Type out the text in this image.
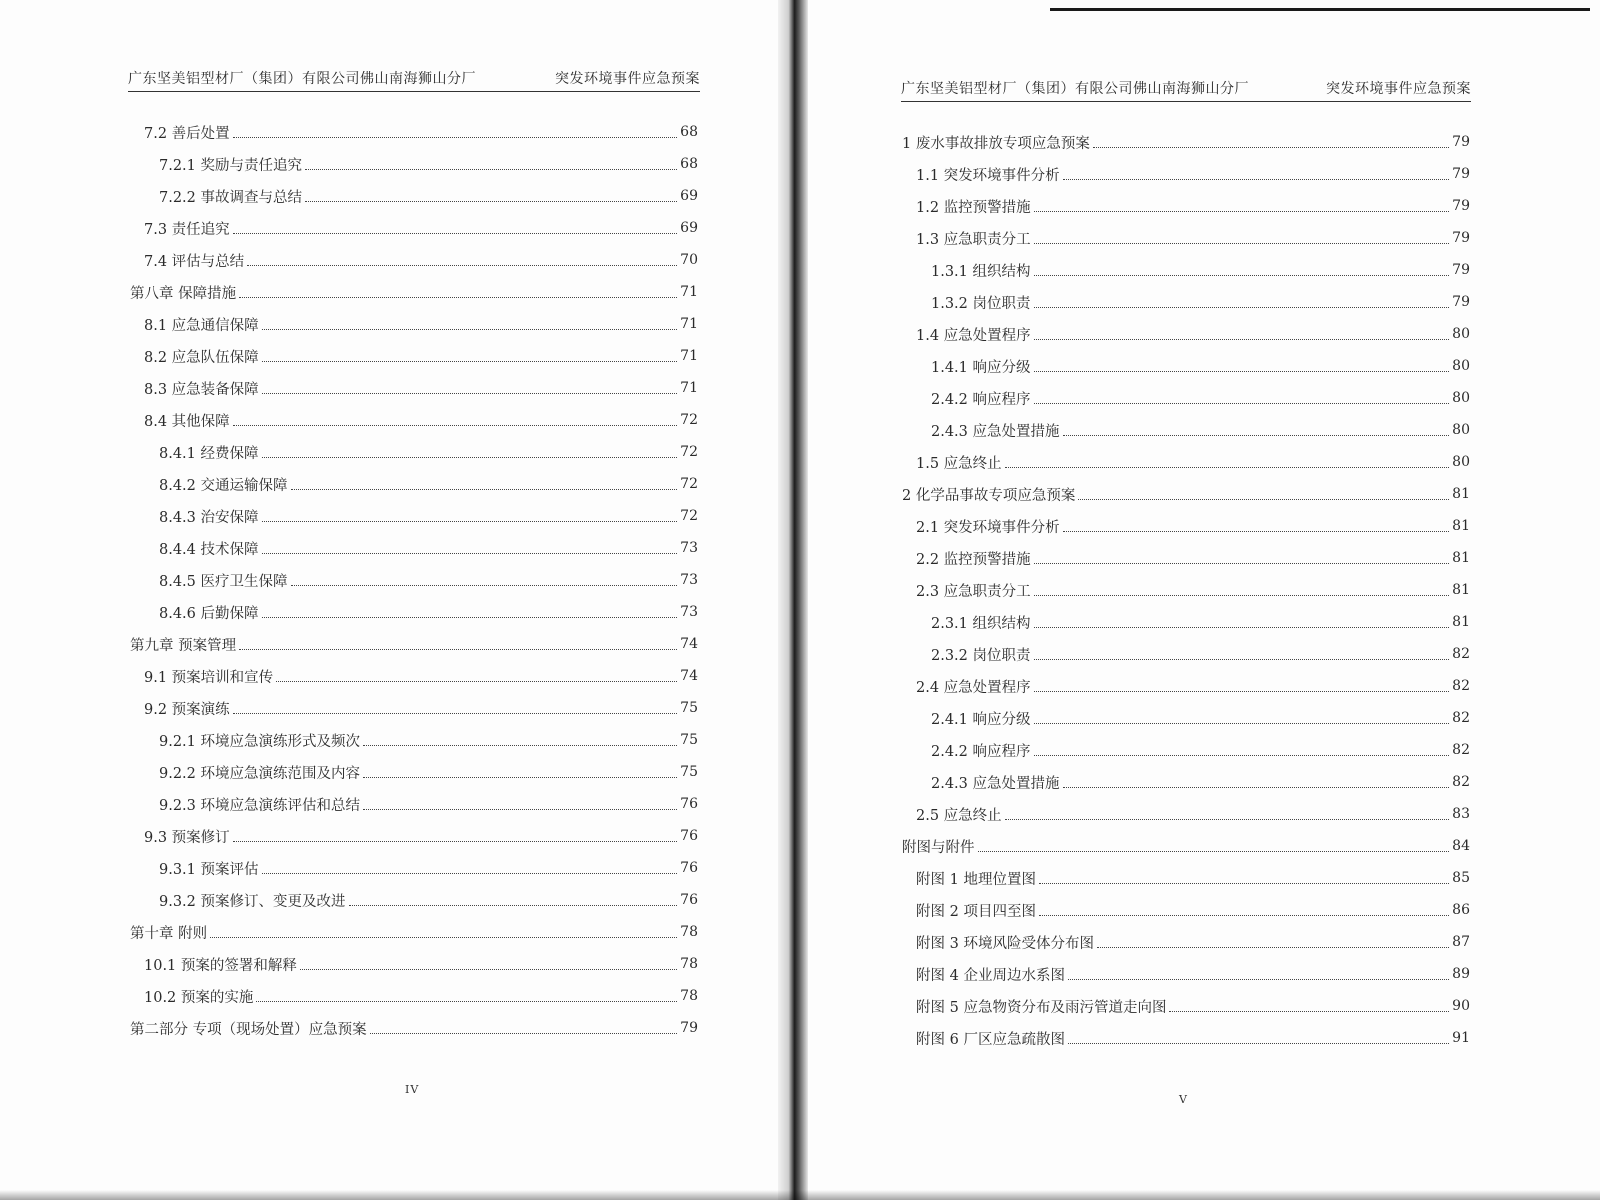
广东坚美铝型材厂（集团）有限公司佛山南海狮山分厂	突发环境事件应急预案
7.2 善后处置	68
7.2.1 奖励与责任追究	68
7.2.2 事故调查与总结	69
7.3 责任追究	69
7.4 评估与总结	70
第八章 保障措施	71
8.1 应急通信保障	71
8.2 应急队伍保障	71
8.3 应急装备保障	71
8.4 其他保障	72
8.4.1 经费保障	72
8.4.2 交通运输保障	72
8.4.3 治安保障	72
8.4.4 技术保障	73
8.4.5 医疗卫生保障	73
8.4.6 后勤保障	73
第九章 预案管理	74
9.1 预案培训和宣传	74
9.2 预案演练	75
9.2.1 环境应急演练形式及频次	75
9.2.2 环境应急演练范围及内容	75
9.2.3 环境应急演练评估和总结	76
9.3 预案修订	76
9.3.1 预案评估	76
9.3.2 预案修订、变更及改进	76
第十章 附则	78
10.1 预案的签署和解释	78
10.2 预案的实施	78
第二部分 专项（现场处置）应急预案	79
IV
广东坚美铝型材厂（集团）有限公司佛山南海狮山分厂	突发环境事件应急预案
1 废水事故排放专项应急预案	79
1.1 突发环境事件分析	79
1.2 监控预警措施	79
1.3 应急职责分工	79
1.3.1 组织结构	79
1.3.2 岗位职责	79
1.4 应急处置程序	80
1.4.1 响应分级	80
2.4.2 响应程序	80
2.4.3 应急处置措施	80
1.5 应急终止	80
2 化学品事故专项应急预案	81
2.1 突发环境事件分析	81
2.2 监控预警措施	81
2.3 应急职责分工	81
2.3.1 组织结构	81
2.3.2 岗位职责	82
2.4 应急处置程序	82
2.4.1 响应分级	82
2.4.2 响应程序	82
2.4.3 应急处置措施	82
2.5 应急终止	83
附图与附件	84
附图 1 地理位置图	85
附图 2 项目四至图	86
附图 3 环境风险受体分布图	87
附图 4 企业周边水系图	89
附图 5 应急物资分布及雨污管道走向图	90
附图 6 厂区应急疏散图	91
V
